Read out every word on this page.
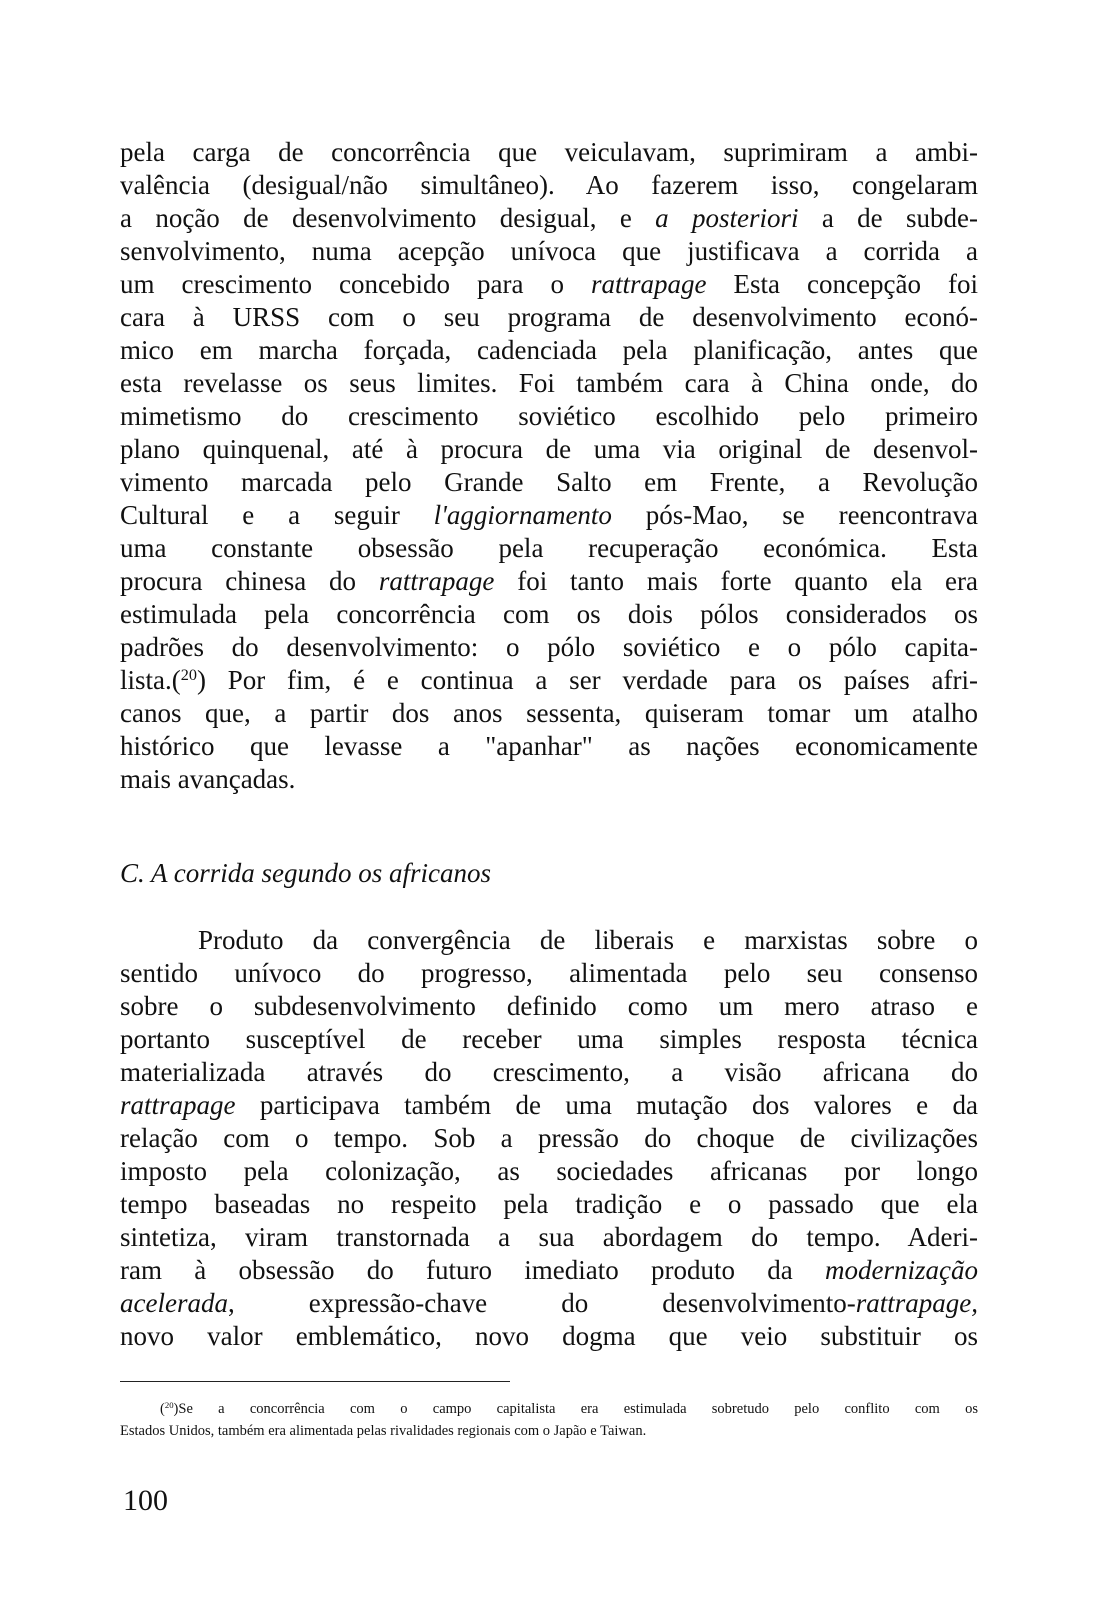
pela carga de concorrência que veiculavam, suprimiram a ambi-
valência (desigual/não simultâneo). Ao fazerem isso, congelaram
a noção de desenvolvimento desigual, e a posteriori a de subde-
senvolvimento, numa acepção unívoca que justificava a corrida a
um crescimento concebido para o rattrapage Esta concepção foi
cara à URSS com o seu programa de desenvolvimento econó-
mico em marcha forçada, cadenciada pela planificação, antes que
esta revelasse os seus limites. Foi também cara à China onde, do
mimetismo do crescimento soviético escolhido pelo primeiro
plano quinquenal, até à procura de uma via original de desenvol-
vimento marcada pelo Grande Salto em Frente, a Revolução
Cultural e a seguir l'aggiornamento pós-Mao, se reencontrava
uma constante obsessão pela recuperação económica. Esta
procura chinesa do rattrapage foi tanto mais forte quanto ela era
estimulada pela concorrência com os dois pólos considerados os
padrões do desenvolvimento: o pólo soviético e o pólo capita-
lista.($^{20}$) Por fim, é e continua a ser verdade para os países afri-
canos que, a partir dos anos sessenta, quiseram tomar um atalho
histórico que levasse a "apanhar" as nações economicamente
mais avançadas.
C. A corrida segundo os africanos
Produto da convergência de liberais e marxistas sobre o
sentido unívoco do progresso, alimentada pelo seu consenso
sobre o subdesenvolvimento definido como um mero atraso e
portanto susceptível de receber uma simples resposta técnica
materializada através do crescimento, a visão africana do
rattrapage participava também de uma mutação dos valores e da
relação com o tempo. Sob a pressão do choque de civilizações
imposto pela colonização, as sociedades africanas por longo
tempo baseadas no respeito pela tradição e o passado que ela
sintetiza, viram transtornada a sua abordagem do tempo. Aderi-
ram à obsessão do futuro imediato produto da modernização
acelerada, expressão-chave do desenvolvimento-rattrapage,
novo valor emblemático, novo dogma que veio substituir os
($^{20}$)Se a concorrência com o campo capitalista era estimulada sobretudo pelo conflito com os
Estados Unidos, também era alimentada pelas rivalidades regionais com o Japão e Taiwan.
100
